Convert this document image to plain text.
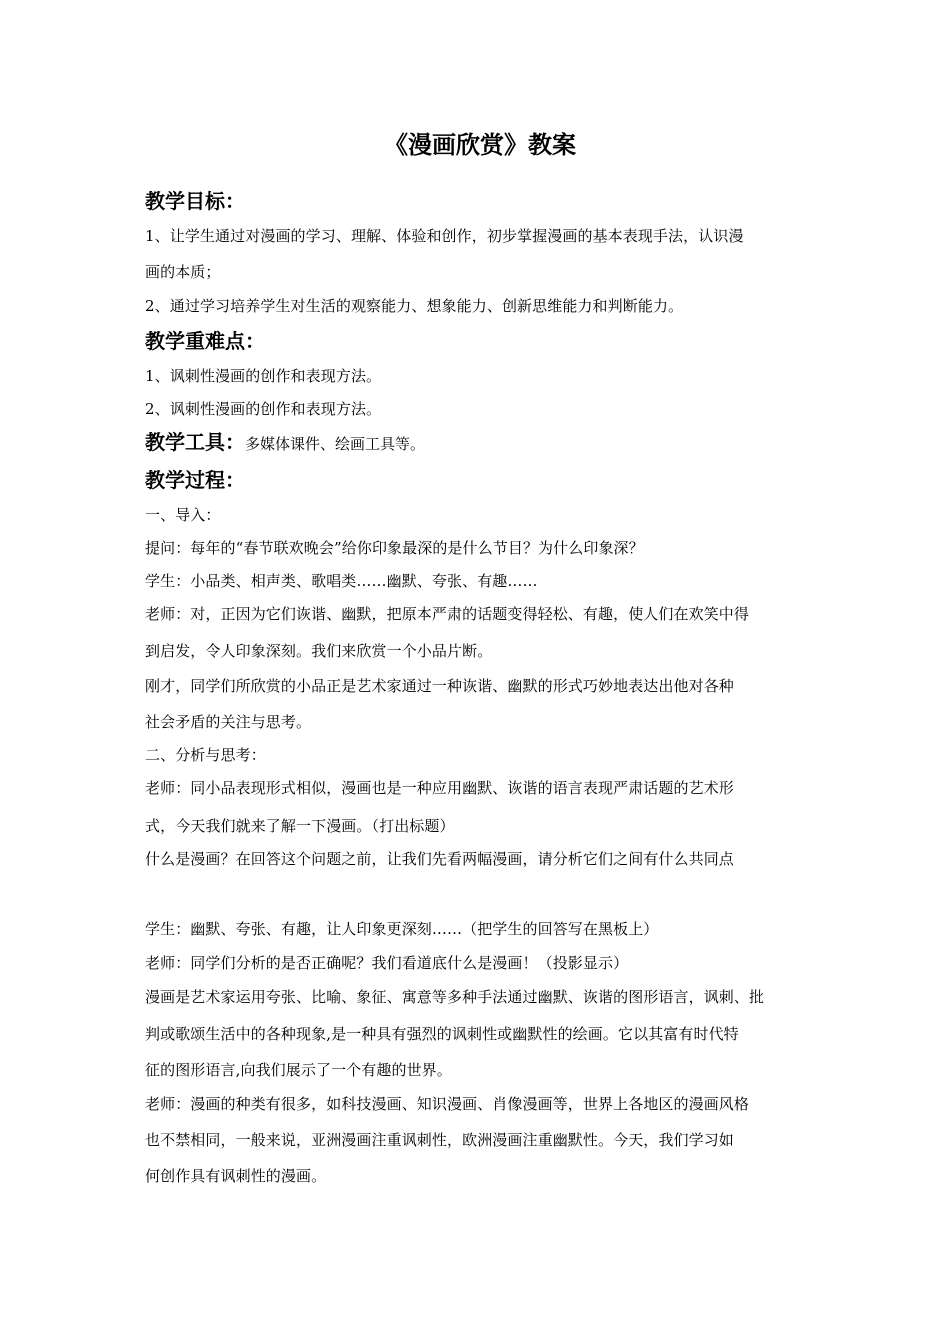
《漫画欣赏》教案
教学目标：
1、让学生通过对漫画的学习、理解、体验和创作，初步掌握漫画的基本表现手法，认识漫
画的本质；
2、通过学习培养学生对生活的观察能力、想象能力、创新思维能力和判断能力。
教学重难点：
1、讽刺性漫画的创作和表现方法。
2、讽刺性漫画的创作和表现方法。
教学工具：多媒体课件、绘画工具等。
教学过程：
一、导入：
提问：每年的“春节联欢晚会”给你印象最深的是什么节目？为什么印象深？
学生：小品类、相声类、歌唱类……幽默、夸张、有趣……
老师：对，正因为它们诙谐、幽默，把原本严肃的话题变得轻松、有趣，使人们在欢笑中得
到启发，令人印象深刻。我们来欣赏一个小品片断。
刚才，同学们所欣赏的小品正是艺术家通过一种诙谐、幽默的形式巧妙地表达出他对各种
社会矛盾的关注与思考。
二、分析与思考：
老师：同小品表现形式相似，漫画也是一种应用幽默、诙谐的语言表现严肃话题的艺术形
式，今天我们就来了解一下漫画。（打出标题）
什么是漫画？在回答这个问题之前，让我们先看两幅漫画，请分析它们之间有什么共同点
学生：幽默、夸张、有趣，让人印象更深刻……（把学生的回答写在黑板上）
老师：同学们分析的是否正确呢？我们看道底什么是漫画！（投影显示）
漫画是艺术家运用夸张、比喻、象征、寓意等多种手法通过幽默、诙谐的图形语言，讽刺、批
判或歌颂生活中的各种现象,是一种具有强烈的讽刺性或幽默性的绘画。它以其富有时代特
征的图形语言,向我们展示了一个有趣的世界。
老师：漫画的种类有很多，如科技漫画、知识漫画、肖像漫画等，世界上各地区的漫画风格
也不禁相同，一般来说，亚洲漫画注重讽刺性，欧洲漫画注重幽默性。今天，我们学习如
何创作具有讽刺性的漫画。
